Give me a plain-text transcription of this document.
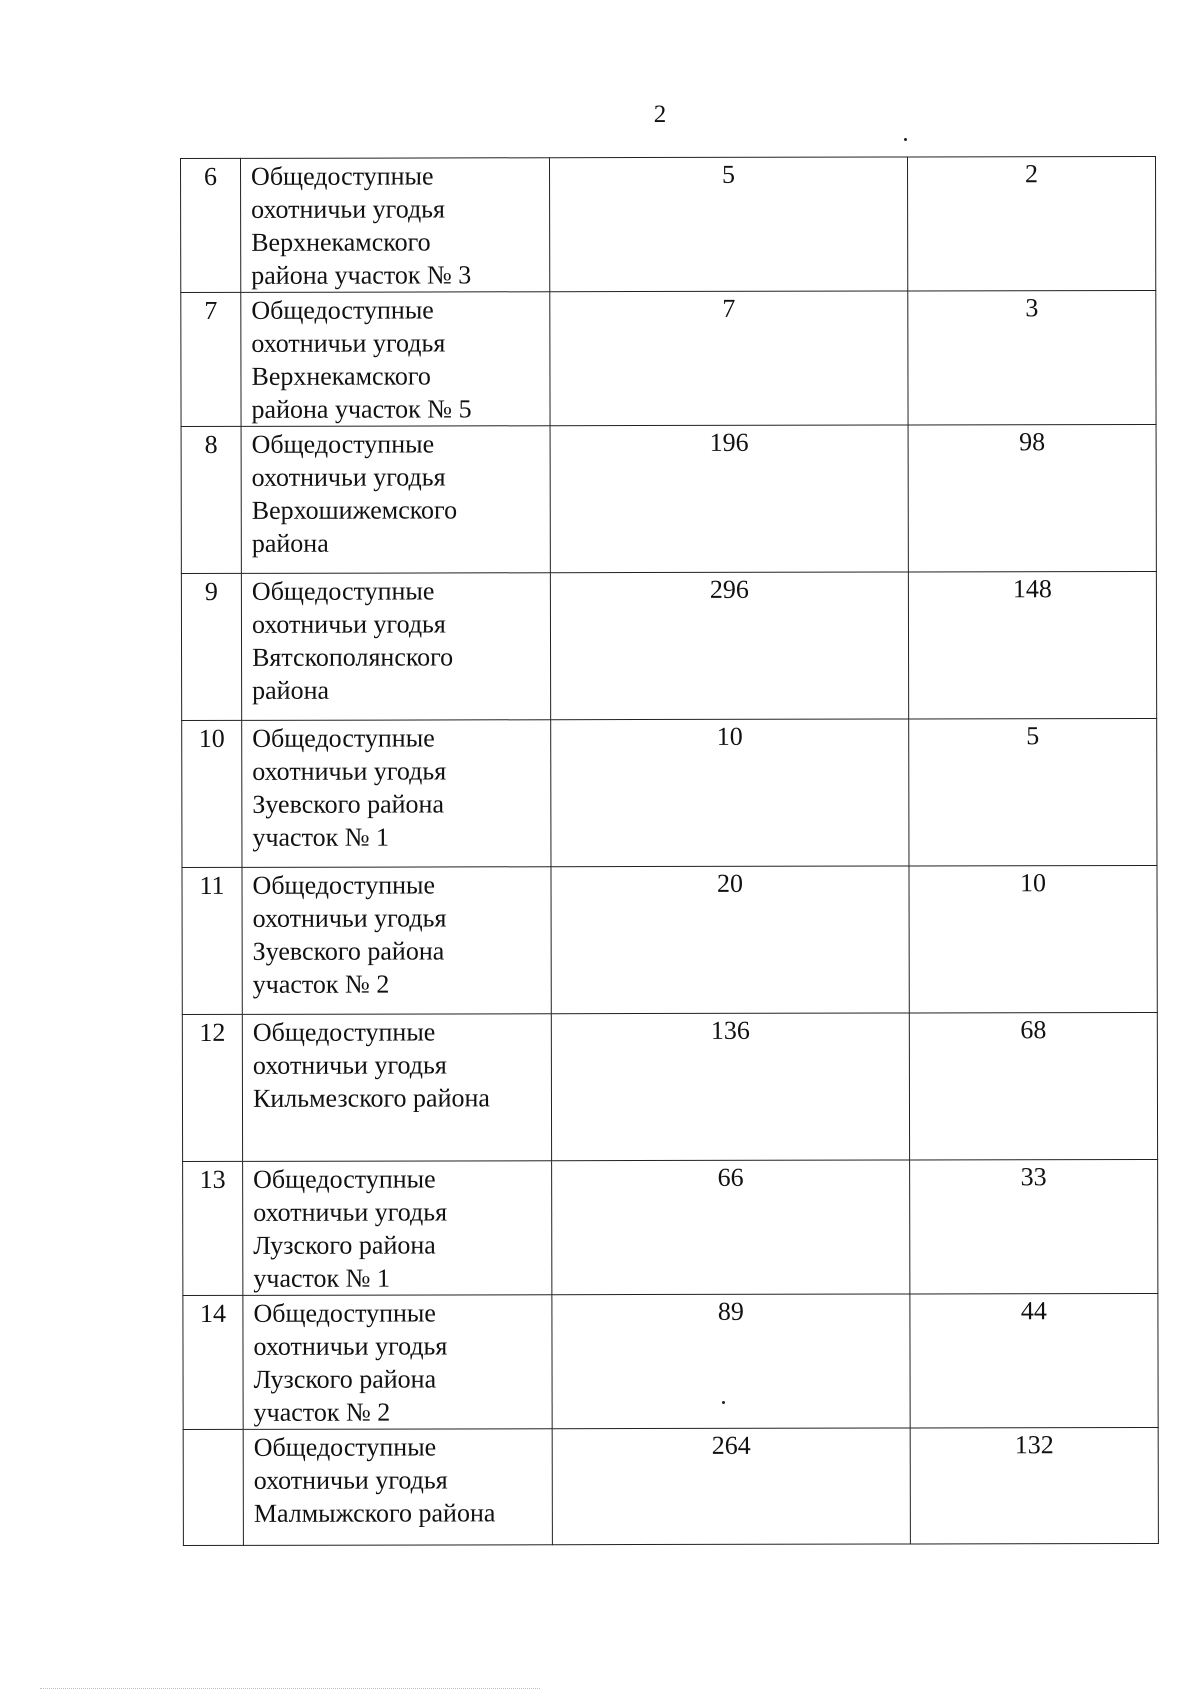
2
6	Общедоступные
охотничьи угодья
Верхнекамского
района участок № 3	5	2
7	Общедоступные
охотничьи угодья
Верхнекамского
района участок № 5	7	3
8	Общедоступные
охотничьи угодья
Верхошижемского
района	196	98
9	Общедоступные
охотничьи угодья
Вятскополянского
района	296	148
10	Общедоступные
охотничьи угодья
Зуевского района
участок № 1	10	5
11	Общедоступные
охотничьи угодья
Зуевского района
участок № 2	20	10
12	Общедоступные
охотничьи угодья
Кильмезского района	136	68
13	Общедоступные
охотничьи угодья
Лузского района
участок № 1	66	33
14	Общедоступные
охотничьи угодья
Лузского района
участок № 2	89	44

	Общедоступные
охотничьи угодья
Малмыжского района	264	132
